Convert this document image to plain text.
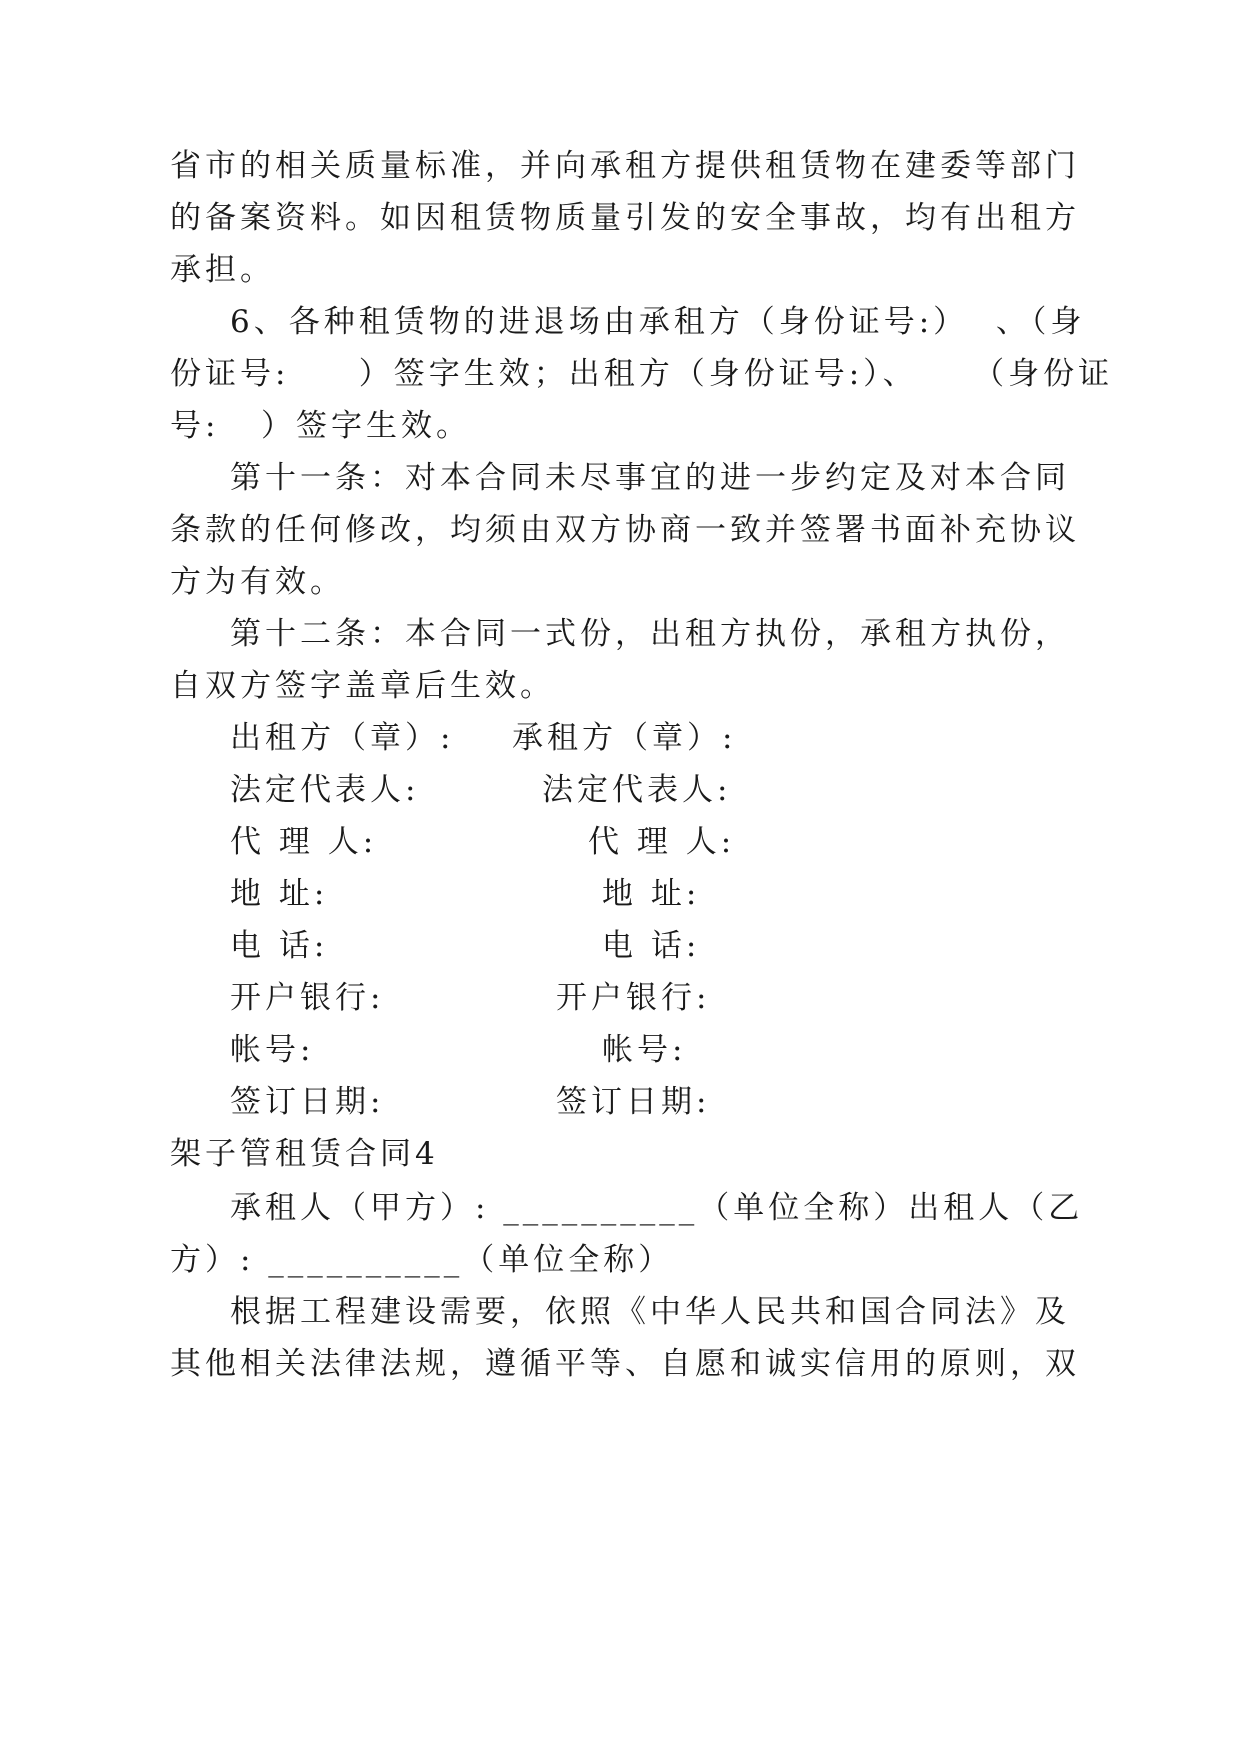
省市的相关质量标准，并向承租方提供租赁物在建委等部门
的备案资料。如因租赁物质量引发的安全事故，均有出租方
承担。
6、各种租赁物的进退场由承租方（身份证号:）  、（身
份证号:     ）签字生效；出租方（身份证号:）、    （身份证
号:   ）签字生效。
第十一条：对本合同未尽事宜的进一步约定及对本合同
条款的任何修改，均须由双方协商一致并签署书面补充协议
方为有效。
第十二条：本合同一式份，出租方执份，承租方执份，
自双方签字盖章后生效。
出租方（章）: 承租方（章）:
法定代表人:	法定代表人:
代 理 人:	代 理 人:
地 址:	地 址:
电 话:	电 话:
开户银行:	开户银行:
帐号:	帐号:
签订日期:	签订日期:
架子管租赁合同4
承租人（甲方）: __________（单位全称）出租人（乙
方）: __________（单位全称）
根据工程建设需要，依照《中华人民共和国合同法》及
其他相关法律法规，遵循平等、自愿和诚实信用的原则，双
